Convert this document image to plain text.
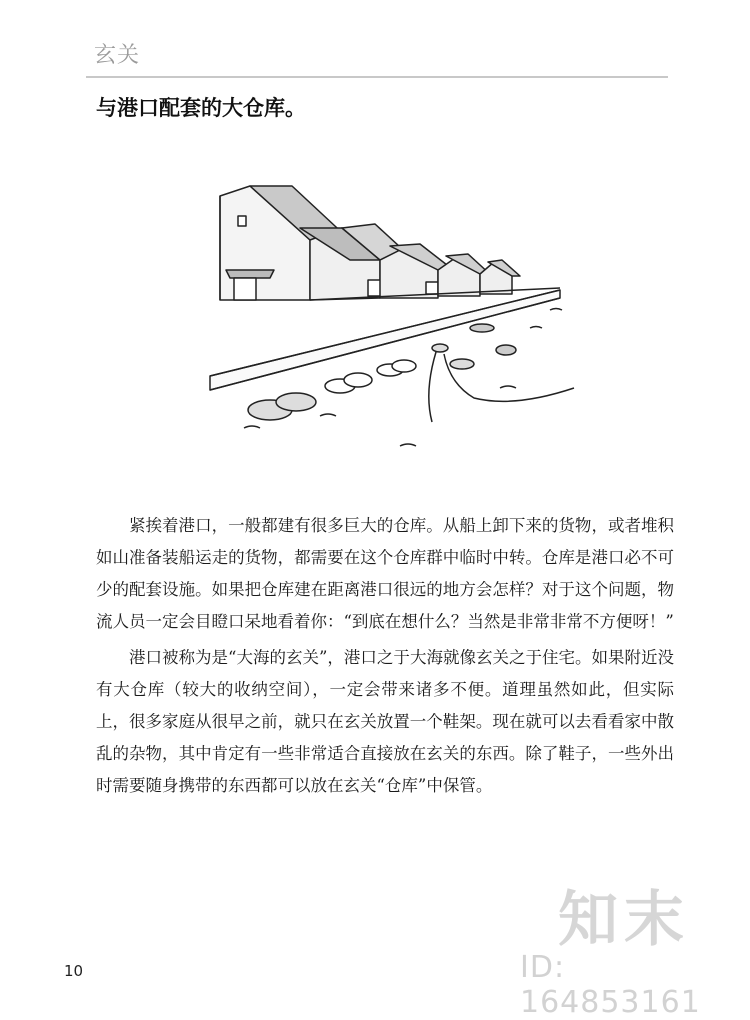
玄关
与港口配套的大仓库。

紧挨着港口，一般都建有很多巨大的仓库。从船上卸下来的货物，或者堆积如山准备装船运走的货物，都需要在这个仓库群中临时中转。仓库是港口必不可少的配套设施。如果把仓库建在距离港口很远的地方会怎样？对于这个问题，物流人员一定会目瞪口呆地看着你：“到底在想什么？当然是非常非常不方便呀！”

港口被称为是“大海的玄关”，港口之于大海就像玄关之于住宅。如果附近没有大仓库（较大的收纳空间），一定会带来诸多不便。道理虽然如此，但实际上，很多家庭从很早之前，就只在玄关放置一个鞋架。现在就可以去看看家中散乱的杂物，其中肯定有一些非常适合直接放在玄关的东西。除了鞋子，一些外出时需要随身携带的东西都可以放在玄关“仓库”中保管。

10
知末
ID: 164853161
